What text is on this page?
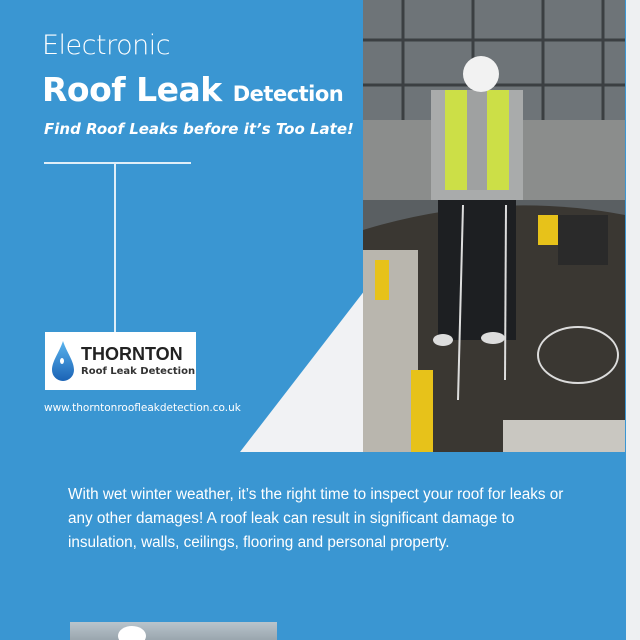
Electronic
Roof Leak Detection
Find Roof Leaks before it’s Too Late!
THORNTON
Roof Leak Detection
www.thorntonroofleakdetection.co.uk

With wet winter weather, it’s the right time to inspect your roof for leaks or any other damages! A roof leak can result in significant damage to insulation, walls, ceilings, flooring and personal property.
